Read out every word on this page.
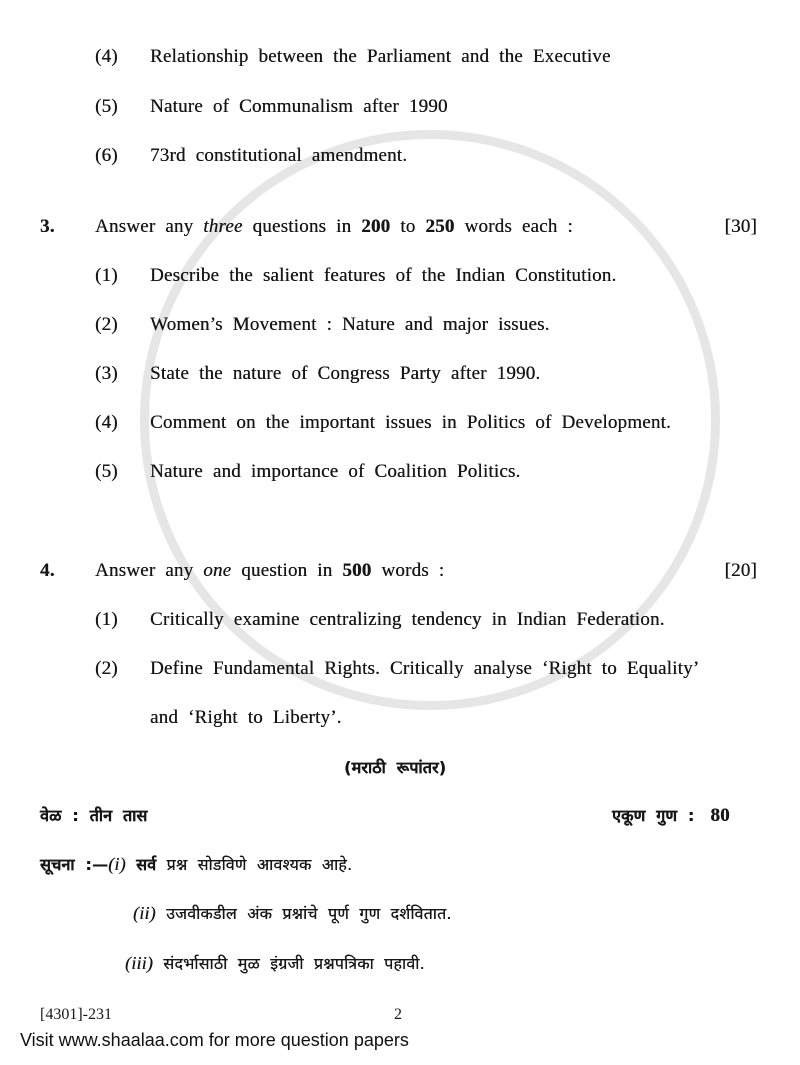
(4) Relationship between the Parliament and the Executive
(5) Nature of Communalism after 1990
(6) 73rd constitutional amendment.
3. Answer any three questions in 200 to 250 words each :	[30]
(1) Describe the salient features of the Indian Constitution.
(2) Women’s Movement : Nature and major issues.
(3) State the nature of Congress Party after 1990.
(4) Comment on the important issues in Politics of Development.
(5) Nature and importance of Coalition Politics.
4. Answer any one question in 500 words :	[20]
(1) Critically examine centralizing tendency in Indian Federation.
(2) Define Fundamental Rights. Critically analyse ‘Right to Equality’
and ‘Right to Liberty’.
(मराठी रूपांतर)
वेळ : तीन तास	एकूण गुण : 80
सूचना :—(i) सर्व प्रश्न सोडविणे आवश्यक आहे.
(ii) उजवीकडील अंक प्रश्नांचे पूर्ण गुण दर्शवितात.
(iii) संदर्भासाठी मुळ इंग्रजी प्रश्नपत्रिका पहावी.
[4301]-231	2
Visit www.shaalaa.com for more question papers
